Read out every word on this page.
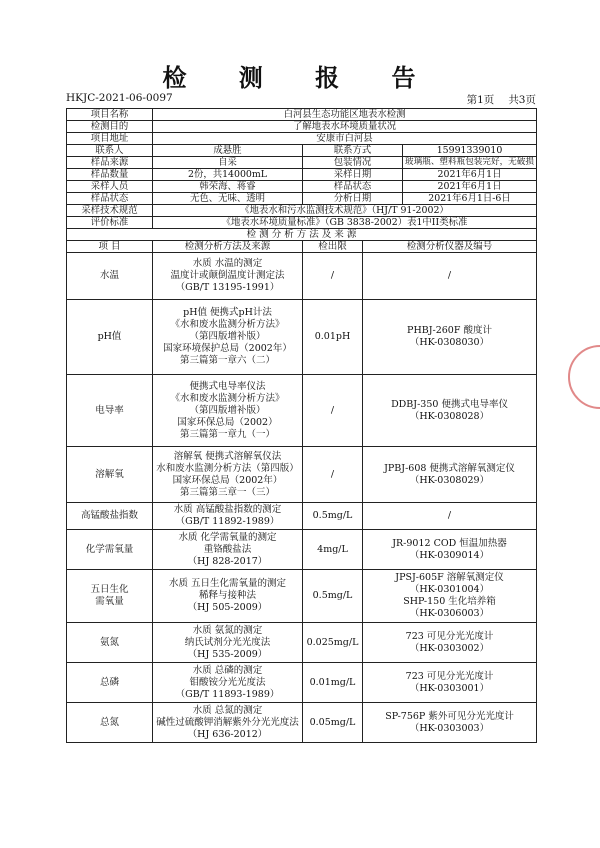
检 测 报 告
HKJC-2021-06-0097	第1页 共3页
项目名称	白河县生态功能区地表水检测			
检测目的	了解地表水环境质量状况			
项目地址	安康市白河县			
联系人	成悬胜	联系方式		15991339010
样品来源	自采	包装情况		玻璃瓶、塑料瓶包装完好，无破损
样品数量	2份，共14000mL	采样日期		2021年6月1日
采样人员	韩荣海、蒋睿	样品状态		2021年6月1日
样品状态	无色、无味、透明	分析日期		2021年6月1日-6日
采样技术规范	《地表水和污水监测技术规范》（HJ/T 91-2002）			
评价标准	《地表水环境质量标准》（GB 3838-2002）表1中II类标准			
检 测 分 析 方 法 及 来 源				
项 目	检测分析方法及来源	检出限	检测分析仪器及编号	
水温	水质 水温的测定
温度计或颠倒温度计测定法
（GB/T 13195-1991）	/	/	
pH值	pH值 便携式pH计法
《水和废水监测分析方法》
（第四版增补版）
国家环境保护总局（2002年）
第三篇第一章六（二）	0.01pH	PHBJ-260F 酸度计
（HK-0308030）	
电导率	便携式电导率仪法
《水和废水监测分析方法》
（第四版增补版）
国家环保总局（2002）
第三篇第一章九（一）	/	DDBJ-350 便携式电导率仪
（HK-0308028）	
溶解氧	溶解氧 便携式溶解氧仪法
水和废水监测分析方法（第四版）
国家环保总局（2002年）
第三篇第三章一（三）	/	JPBJ-608 便携式溶解氧测定仪
（HK-0308029）	
高锰酸盐指数	水质 高锰酸盐指数的测定
（GB/T 11892-1989）	0.5mg/L	/	
化学需氧量	水质 化学需氧量的测定
重铬酸盐法
（HJ 828-2017）	4mg/L	JR-9012 COD 恒温加热器
（HK-0309014）	
五日生化
需氧量	水质 五日生化需氧量的测定
稀释与接种法
（HJ 505-2009）	0.5mg/L	JPSJ-605F 溶解氧测定仪
（HK-0301004）
SHP-150 生化培养箱
（HK-0306003）	
氨氮	水质 氨氮的测定
纳氏试剂分光光度法
（HJ 535-2009）	0.025mg/L	723 可见分光光度计
（HK-0303002）	
总磷	水质 总磷的测定
钼酸铵分光光度法
（GB/T 11893-1989）	0.01mg/L	723 可见分光光度计
（HK-0303001）	
总氮	水质 总氮的测定
碱性过硫酸钾消解紫外分光光度法
（HJ 636-2012）	0.05mg/L	SP-756P 紫外可见分光光度计
（HK-0303003）	
